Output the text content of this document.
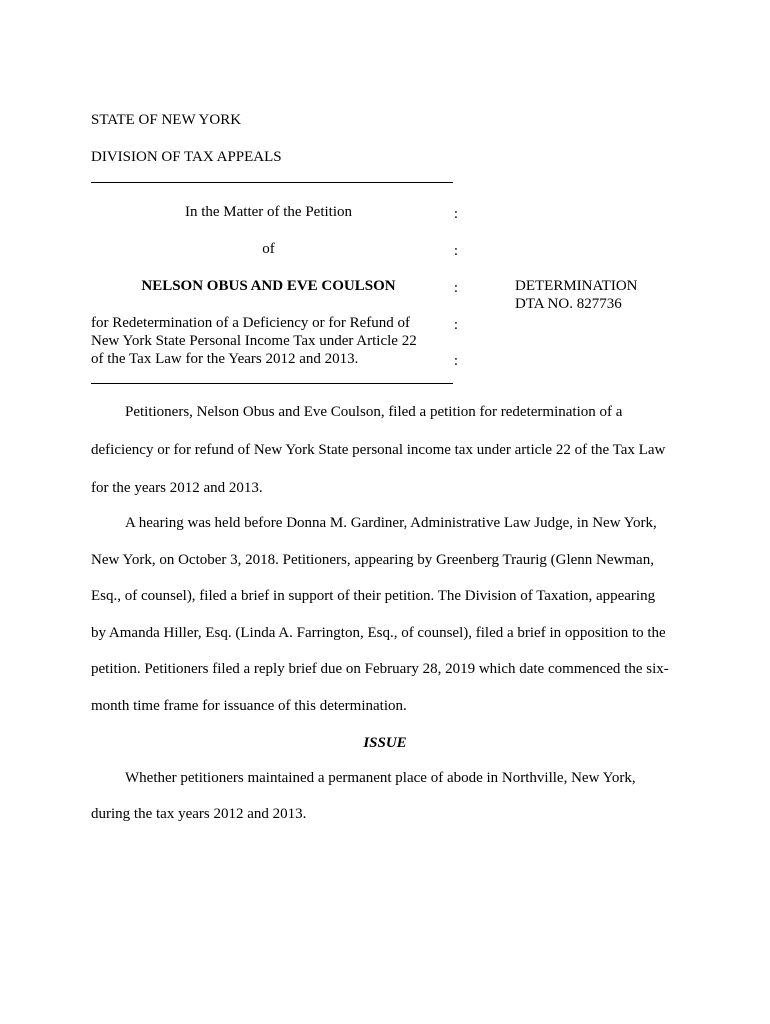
STATE OF NEW YORK
DIVISION OF TAX APPEALS
In the Matter of the Petition
of
NELSON OBUS AND EVE COULSON
for Redetermination of a Deficiency or for Refund of
New York State Personal Income Tax under Article 22
of the Tax Law for the Years 2012 and 2013.
:
:
:
:
:
DETERMINATION
DTA NO. 827736
Petitioners, Nelson Obus and Eve Coulson, filed a petition for redetermination of a
deficiency or for refund of New York State personal income tax under article 22 of the Tax Law
for the years 2012 and 2013.
A hearing was held before Donna M. Gardiner, Administrative Law Judge, in New York,
New York, on October 3, 2018. Petitioners, appearing by Greenberg Traurig (Glenn Newman,
Esq., of counsel), filed a brief in support of their petition. The Division of Taxation, appearing
by Amanda Hiller, Esq. (Linda A. Farrington, Esq., of counsel), filed a brief in opposition to the
petition. Petitioners filed a reply brief due on February 28, 2019 which date commenced the six-
month time frame for issuance of this determination.
ISSUE
Whether petitioners maintained a permanent place of abode in Northville, New York,
during the tax years 2012 and 2013.
